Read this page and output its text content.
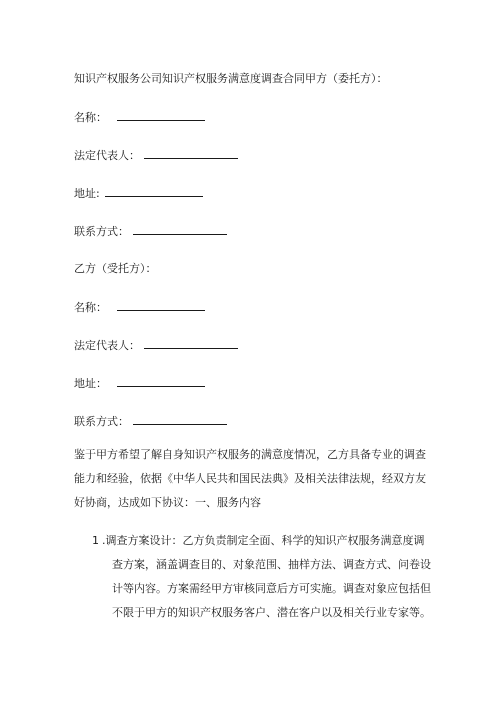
知识产权服务公司知识产权服务满意度调查合同甲方（委托方）：
名称：
法定代表人：
地址:
联系方式：
乙方（受托方）：
名称：
法定代表人：
地址：
联系方式：
鉴于甲方希望了解自身知识产权服务的满意度情况，乙方具备专业的调查
能力和经验，依据《中华人民共和国民法典》及相关法律法规，经双方友
好协商，达成如下协议：一、服务内容
1 .调查方案设计：乙方负责制定全面、科学的知识产权服务满意度调
查方案，涵盖调查目的、对象范围、抽样方法、调查方式、问卷设
计等内容。方案需经甲方审核同意后方可实施。调查对象应包括但
不限于甲方的知识产权服务客户、潜在客户以及相关行业专家等。
